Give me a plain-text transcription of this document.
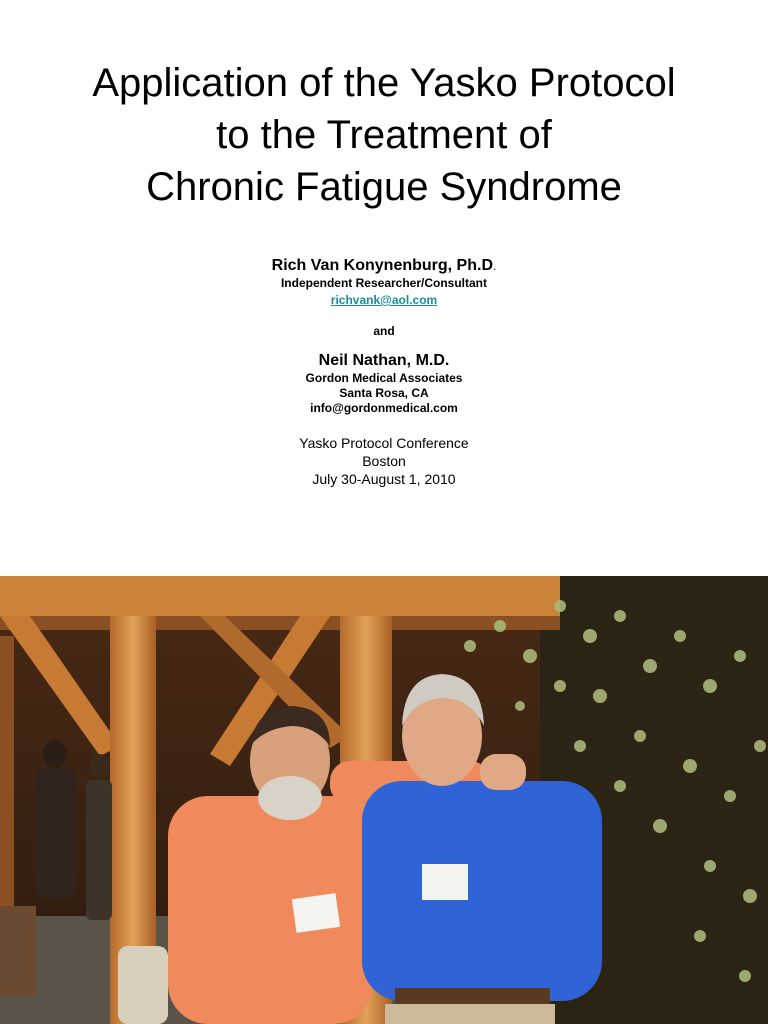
Application of the Yasko Protocol
to the Treatment of
Chronic Fatigue Syndrome
Rich Van Konynenburg, Ph.D.
Independent Researcher/Consultant
richvank@aol.com
and
Neil Nathan, M.D.
Gordon Medical Associates
Santa Rosa, CA
info@gordonmedical.com
Yasko Protocol Conference
Boston
July 30-August 1, 2010
